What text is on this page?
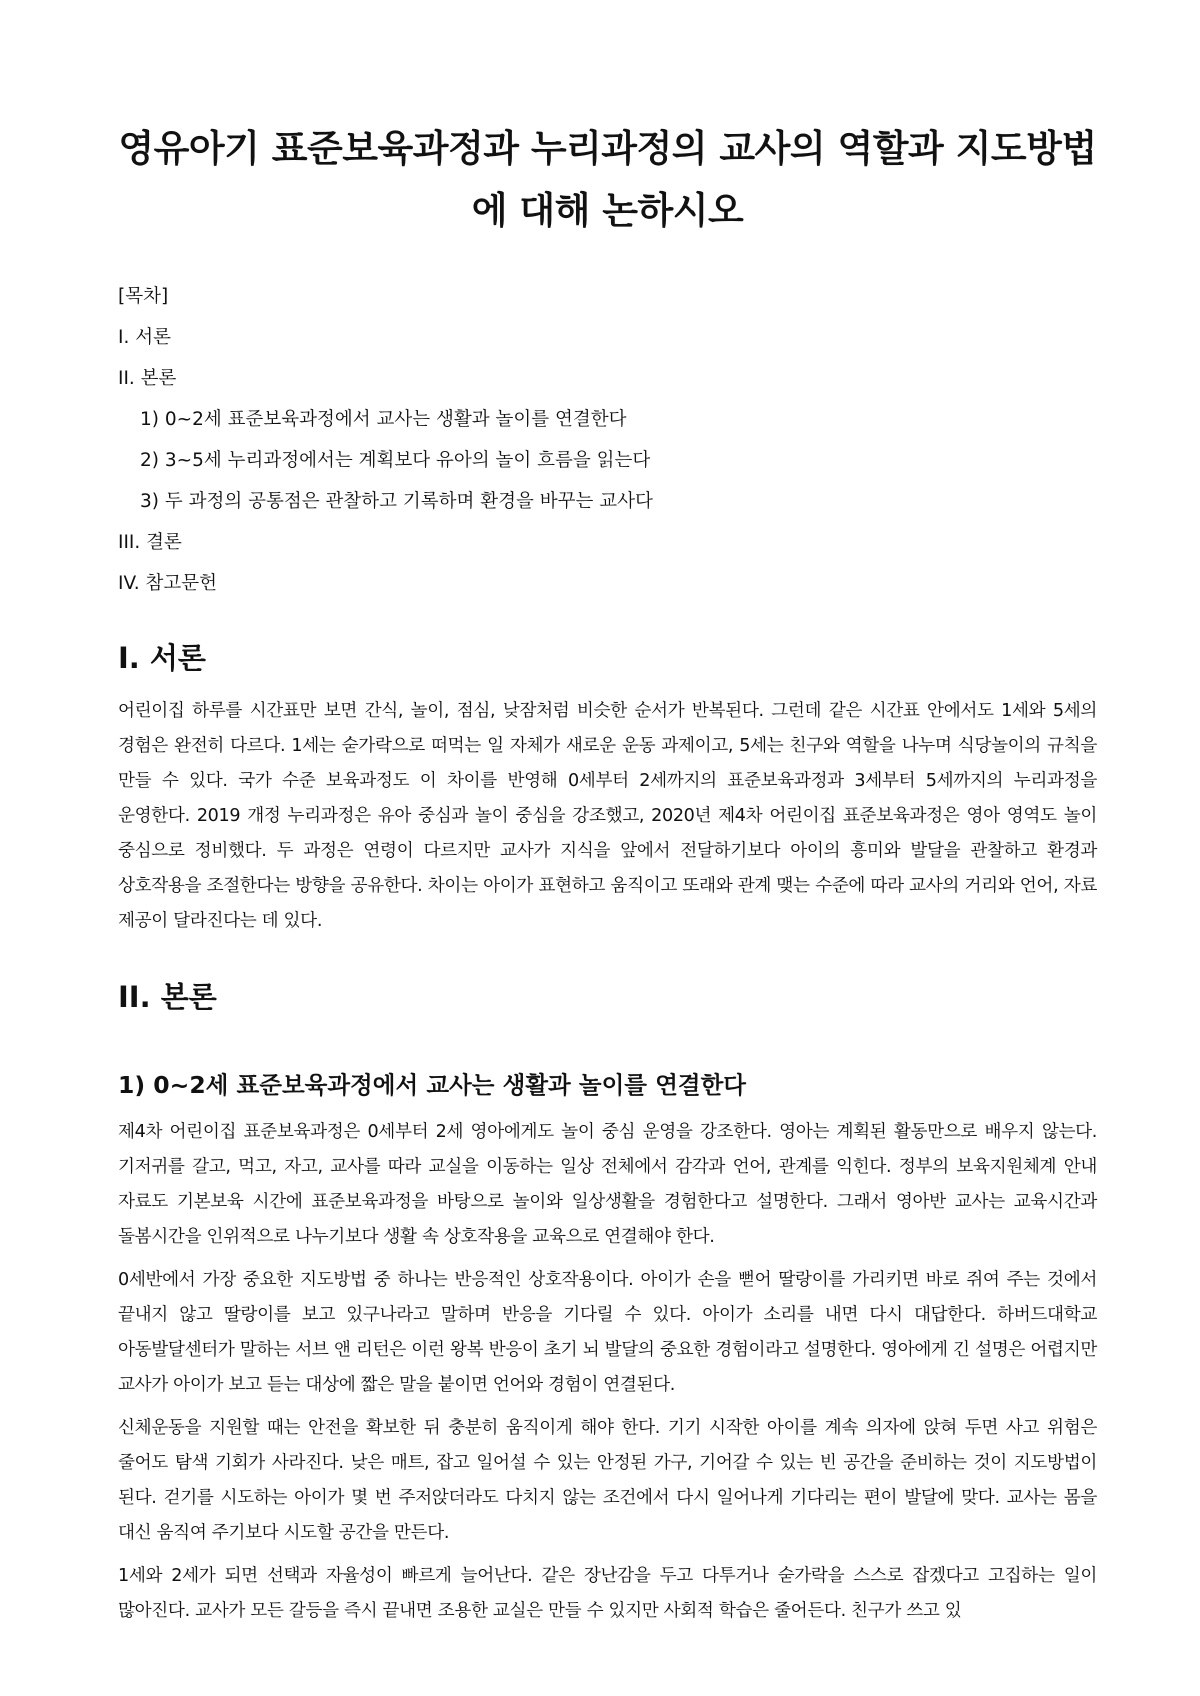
영유아기 표준보육과정과 누리과정의 교사의 역할과 지도방법
에 대해 논하시오
[목차]
I. 서론
II. 본론
1) 0~2세 표준보육과정에서 교사는 생활과 놀이를 연결한다
2) 3~5세 누리과정에서는 계획보다 유아의 놀이 흐름을 읽는다
3) 두 과정의 공통점은 관찰하고 기록하며 환경을 바꾸는 교사다
III. 결론
IV. 참고문헌
I. 서론

어린이집 하루를 시간표만 보면 간식, 놀이, 점심, 낮잠처럼 비슷한 순서가 반복된다. 그런데 같은 시간표 안에서도 1세와 5세의 경험은 완전히 다르다. 1세는 숟가락으로 떠먹는 일 자체가 새로운 운동 과제이고, 5세는 친구와 역할을 나누며 식당놀이의 규칙을 만들 수 있다. 국가 수준 보육과정도 이 차이를 반영해 0세부터 2세까지의 표준보육과정과 3세부터 5세까지의 누리과정을 운영한다. 2019 개정 누리과정은 유아 중심과 놀이 중심을 강조했고, 2020년 제4차 어린이집 표준보육과정은 영아 영역도 놀이 중심으로 정비했다. 두 과정은 연령이 다르지만 교사가 지식을 앞에서 전달하기보다 아이의 흥미와 발달을 관찰하고 환경과 상호작용을 조절한다는 방향을 공유한다. 차이는 아이가 표현하고 움직이고 또래와 관계 맺는 수준에 따라 교사의 거리와 언어, 자료 제공이 달라진다는 데 있다.

II. 본론
1) 0~2세 표준보육과정에서 교사는 생활과 놀이를 연결한다

제4차 어린이집 표준보육과정은 0세부터 2세 영아에게도 놀이 중심 운영을 강조한다. 영아는 계획된 활동만으로 배우지 않는다. 기저귀를 갈고, 먹고, 자고, 교사를 따라 교실을 이동하는 일상 전체에서 감각과 언어, 관계를 익힌다. 정부의 보육지원체계 안내 자료도 기본보육 시간에 표준보육과정을 바탕으로 놀이와 일상생활을 경험한다고 설명한다. 그래서 영아반 교사는 교육시간과 돌봄시간을 인위적으로 나누기보다 생활 속 상호작용을 교육으로 연결해야 한다.

0세반에서 가장 중요한 지도방법 중 하나는 반응적인 상호작용이다. 아이가 손을 뻗어 딸랑이를 가리키면 바로 쥐여 주는 것에서 끝내지 않고 딸랑이를 보고 있구나라고 말하며 반응을 기다릴 수 있다. 아이가 소리를 내면 다시 대답한다. 하버드대학교 아동발달센터가 말하는 서브 앤 리턴은 이런 왕복 반응이 초기 뇌 발달의 중요한 경험이라고 설명한다. 영아에게 긴 설명은 어렵지만 교사가 아이가 보고 듣는 대상에 짧은 말을 붙이면 언어와 경험이 연결된다.

신체운동을 지원할 때는 안전을 확보한 뒤 충분히 움직이게 해야 한다. 기기 시작한 아이를 계속 의자에 앉혀 두면 사고 위험은 줄어도 탐색 기회가 사라진다. 낮은 매트, 잡고 일어설 수 있는 안정된 가구, 기어갈 수 있는 빈 공간을 준비하는 것이 지도방법이 된다. 걷기를 시도하는 아이가 몇 번 주저앉더라도 다치지 않는 조건에서 다시 일어나게 기다리는 편이 발달에 맞다. 교사는 몸을 대신 움직여 주기보다 시도할 공간을 만든다.

1세와 2세가 되면 선택과 자율성이 빠르게 늘어난다. 같은 장난감을 두고 다투거나 숟가락을 스스로 잡겠다고 고집하는 일이 많아진다. 교사가 모든 갈등을 즉시 끝내면 조용한 교실은 만들 수 있지만 사회적 학습은 줄어든다. 친구가 쓰고 있
